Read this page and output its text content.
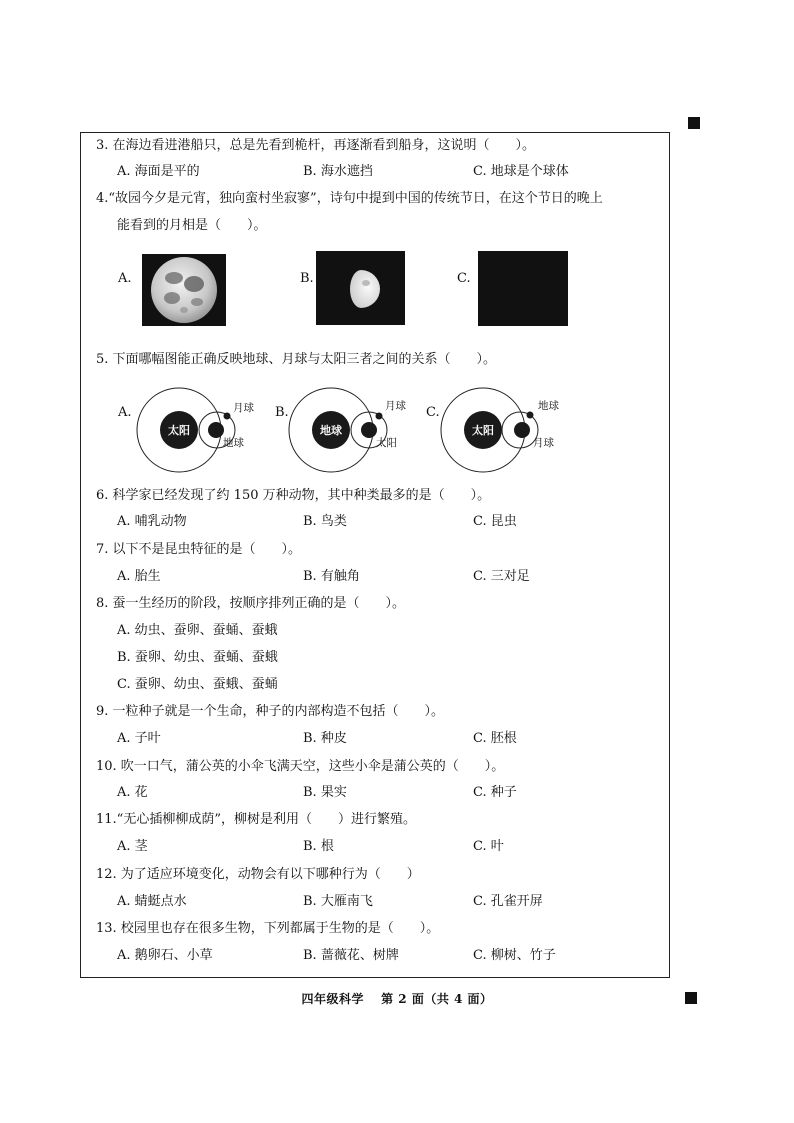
3. 在海边看进港船只，总是先看到桅杆，再逐渐看到船身，这说明（　　）。
A. 海面是平的	B. 海水遮挡	C. 地球是个球体
4.“故园今夕是元宵，独向蛮村坐寂寥”，诗句中提到中国的传统节日，在这个节日的晚上
能看到的月相是（　　）。
A.	B.	C.
5. 下面哪幅图能正确反映地球、月球与太阳三者之间的关系（　　）。
A.
太阳
月球
地球
B.
地球
月球
太阳
C.
太阳
地球
月球
6. 科学家已经发现了约 150 万种动物，其中种类最多的是（　　）。
A. 哺乳动物	B. 鸟类	C. 昆虫
7. 以下不是昆虫特征的是（　　）。
A. 胎生	B. 有触角	C. 三对足
8. 蚕一生经历的阶段，按顺序排列正确的是（　　）。
A. 幼虫、蚕卵、蚕蛹、蚕蛾
B. 蚕卵、幼虫、蚕蛹、蚕蛾
C. 蚕卵、幼虫、蚕蛾、蚕蛹
9. 一粒种子就是一个生命，种子的内部构造不包括（　　）。
A. 子叶	B. 种皮	C. 胚根
10. 吹一口气，蒲公英的小伞飞满天空，这些小伞是蒲公英的（　　）。
A. 花	B. 果实	C. 种子
11.“无心插柳柳成荫”，柳树是利用（　　）进行繁殖。
A. 茎	B. 根	C. 叶
12. 为了适应环境变化，动物会有以下哪种行为（　　）
A. 蜻蜓点水	B. 大雁南飞	C. 孔雀开屏
13. 校园里也存在很多生物，下列都属于生物的是（　　）。
A. 鹅卵石、小草	B. 蔷薇花、树牌	C. 柳树、竹子
四年级科学　 第 2 面（共 4 面）
